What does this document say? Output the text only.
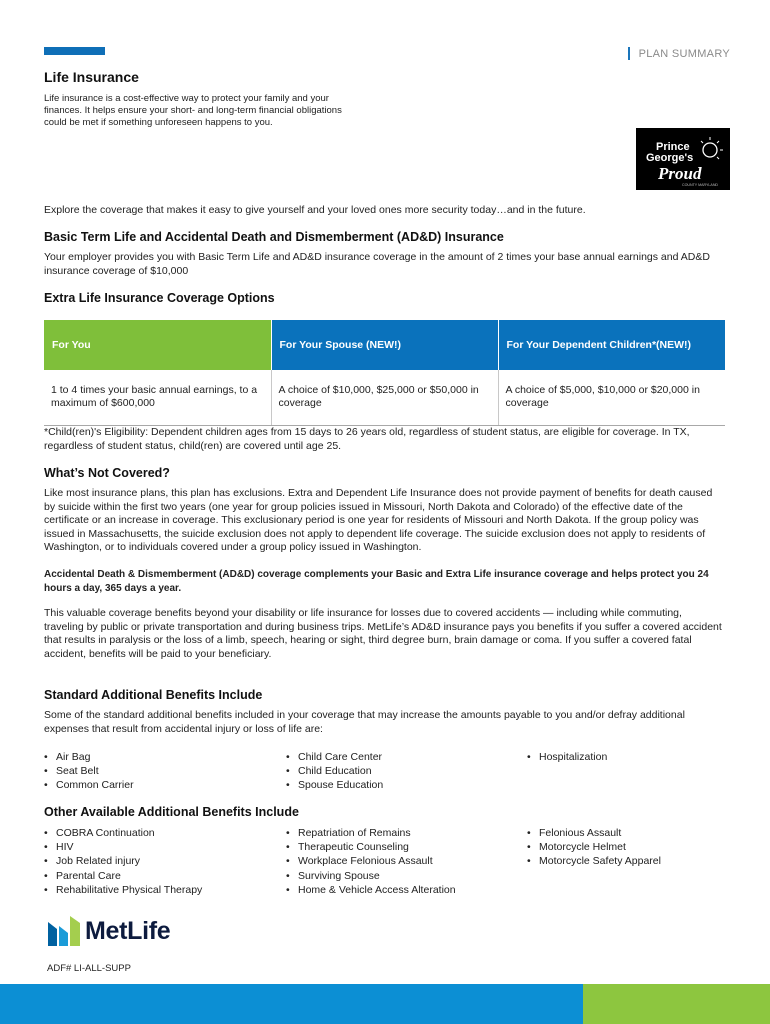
PLAN SUMMARY
Life Insurance

Life insurance is a cost-effective way to protect your family and your finances. It helps ensure your short- and long-term financial obligations could be met if something unforeseen happens to you.

Prince
George's
Proud
COUNTY MARYLAND

Explore the coverage that makes it easy to give yourself and your loved ones more security today…and in the future.

Basic Term Life and Accidental Death and Dismemberment (AD&D) Insurance

Your employer provides you with Basic Term Life and AD&D insurance coverage in the amount of 2 times your base annual earnings and AD&D insurance coverage of $10,000

Extra Life Insurance Coverage Options
For You	For Your Spouse (NEW!)	For Your Dependent Children*(NEW!)
1 to 4 times your basic annual earnings, to a maximum of $600,000	A choice of $10,000, $25,000 or $50,000 in coverage	A choice of $5,000, $10,000 or $20,000 in coverage

*Child(ren)'s Eligibility: Dependent children ages from 15 days to 26 years old, regardless of student status, are eligible for coverage. In TX, regardless of student status, child(ren) are covered until age 25.

What’s Not Covered?

Like most insurance plans, this plan has exclusions. Extra and Dependent Life Insurance does not provide payment of benefits for death caused by suicide within the first two years (one year for group policies issued in Missouri, North Dakota and Colorado) of the effective date of the certificate or an increase in coverage. This exclusionary period is one year for residents of Missouri and North Dakota. If the group policy was issued in Massachusetts, the suicide exclusion does not apply to dependent life coverage. The suicide exclusion does not apply to residents of Washington, or to individuals covered under a group policy issued in Washington.

Accidental Death & Dismemberment (AD&D) coverage complements your Basic and Extra Life insurance coverage and helps protect you 24 hours a day, 365 days a year.

This valuable coverage benefits beyond your disability or life insurance for losses due to covered accidents — including while commuting, traveling by public or private transportation and during business trips. MetLife’s AD&D insurance pays you benefits if you suffer a covered accident that results in paralysis or the loss of a limb, speech, hearing or sight, third degree burn, brain damage or coma. If you suffer a covered fatal accident, benefits will be paid to your beneficiary.

Standard Additional Benefits Include

Some of the standard additional benefits included in your coverage that may increase the amounts payable to you and/or defray additional expenses that result from accidental injury or loss of life are:

• Air Bag
• Seat Belt
• Common Carrier
• Child Care Center
• Child Education
• Spouse Education
• Hospitalization
Other Available Additional Benefits Include
• COBRA Continuation
• HIV
• Job Related injury
• Parental Care
• Rehabilitative Physical Therapy
• Repatriation of Remains
• Therapeutic Counseling
• Workplace Felonious Assault
• Surviving Spouse
• Home & Vehicle Access Alteration
• Felonious Assault
• Motorcycle Helmet
• Motorcycle Safety Apparel
MetLife
ADF# LI-ALL-SUPP
